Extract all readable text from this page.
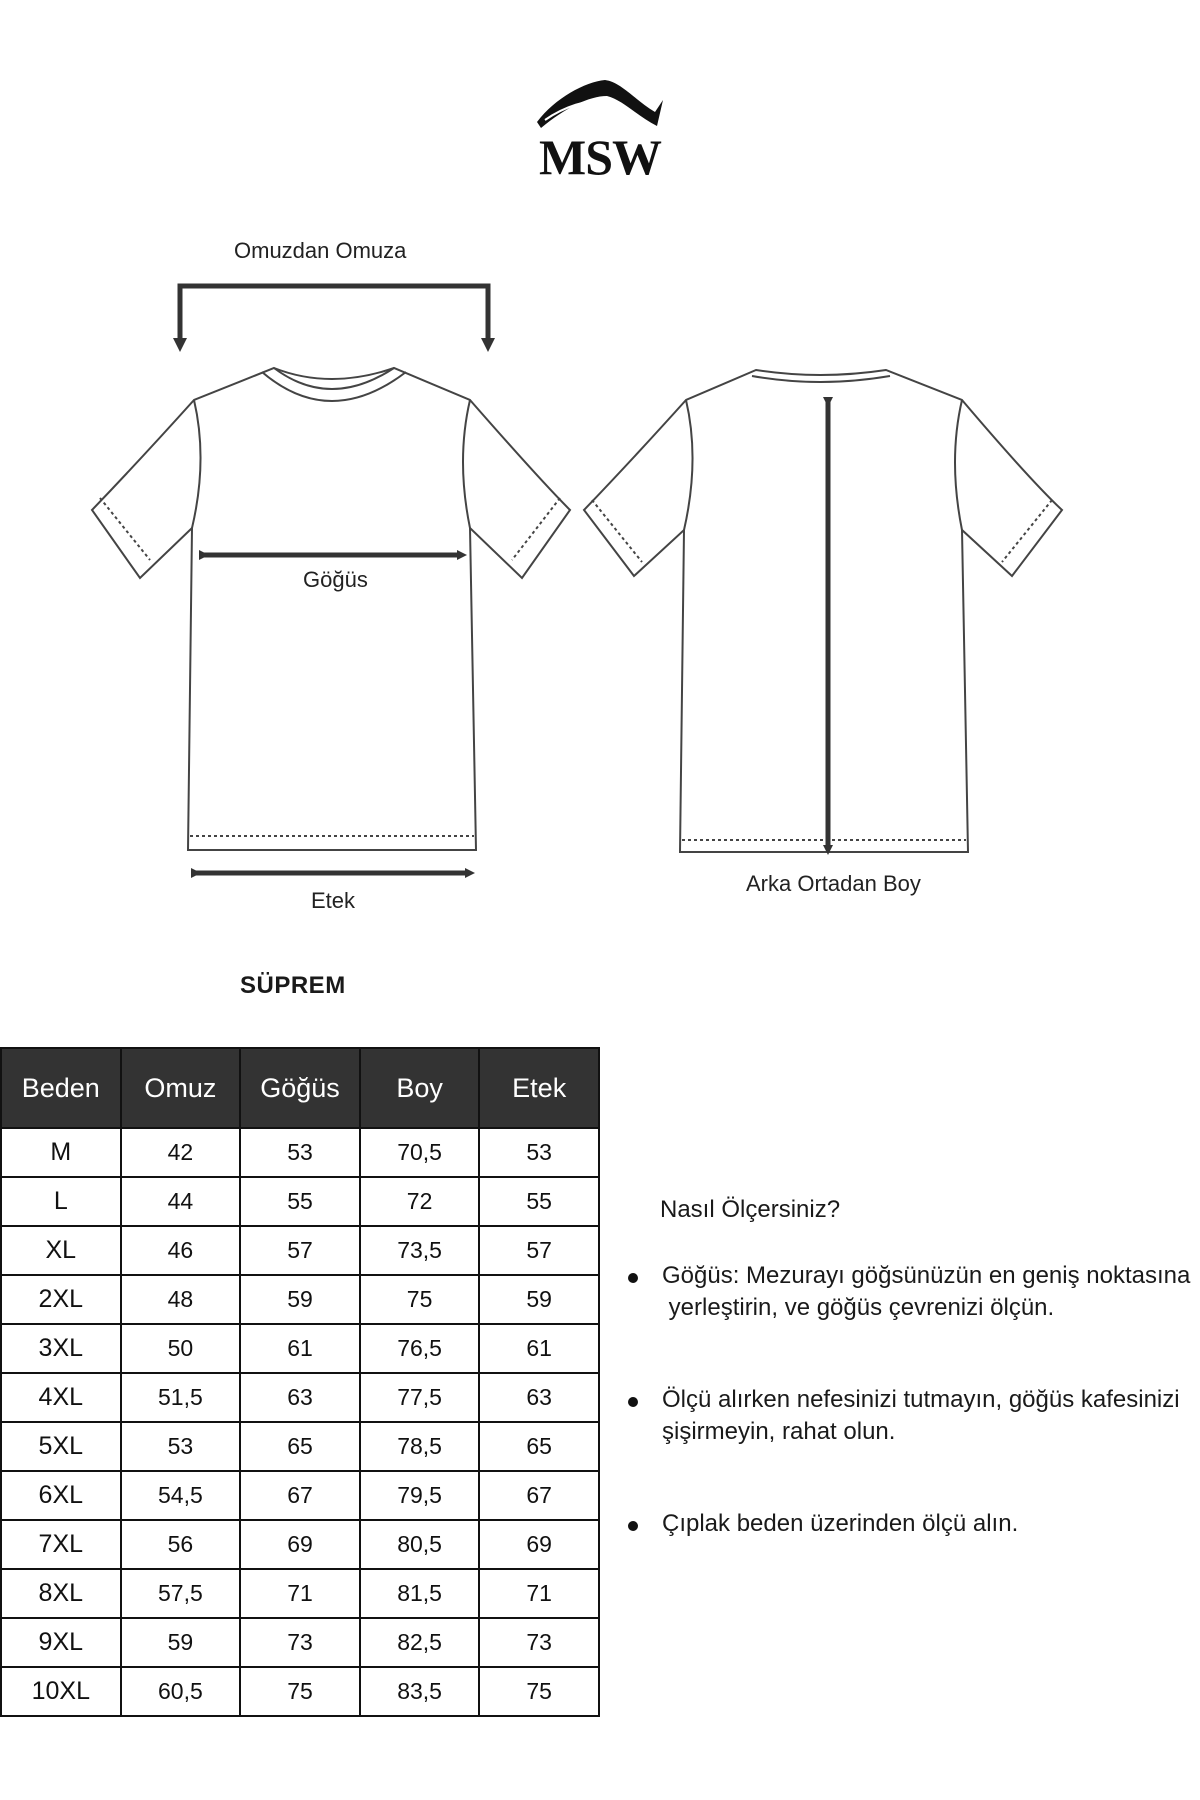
MSW
Omuzdan Omuza
Göğüs
Etek
Arka Ortadan Boy
SÜPREM
Beden	Omuz	Göğüs	Boy	Etek
M	42	53	70,5	53
L	44	55	72	55
XL	46	57	73,5	57
2XL	48	59	75	59
3XL	50	61	76,5	61
4XL	51,5	63	77,5	63
5XL	53	65	78,5	65
6XL	54,5	67	79,5	67
7XL	56	69	80,5	69
8XL	57,5	71	81,5	71
9XL	59	73	82,5	73
10XL	60,5	75	83,5	75
Nasıl Ölçersiniz?
Göğüs: Mezurayı göğsünüzün en geniş noktasına
yerleştirin, ve göğüs çevrenizi ölçün.
Ölçü alırken nefesinizi tutmayın, göğüs kafesinizi
şişirmeyin, rahat olun.
Çıplak beden üzerinden ölçü alın.
